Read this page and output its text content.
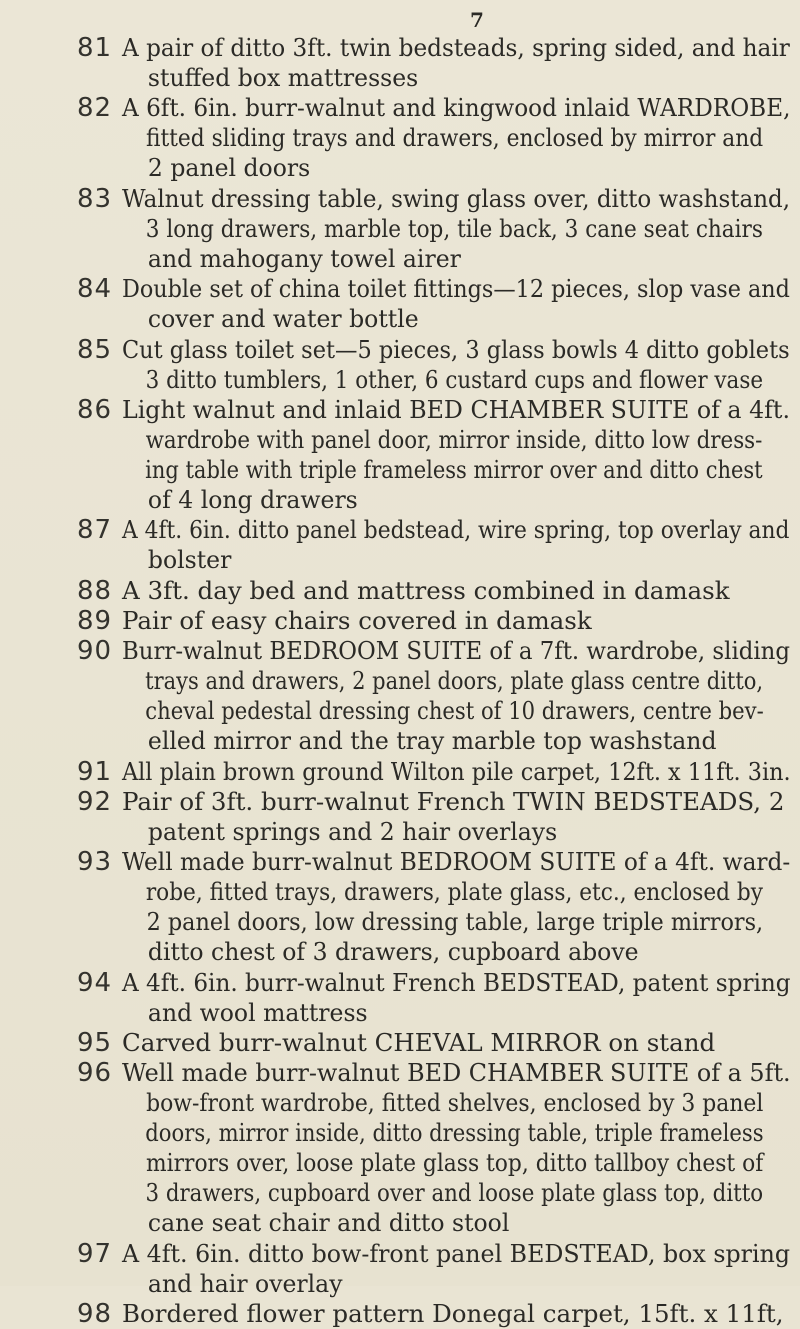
7
81 A pair of ditto 3ft. twin bedsteads, spring sided, and hair
stuffed box mattresses
82 A 6ft. 6in. burr-walnut and kingwood inlaid WARDROBE,
fitted sliding trays and drawers, enclosed by mirror and
2 panel doors
83 Walnut dressing table, swing glass over, ditto washstand,
3 long drawers, marble top, tile back, 3 cane seat chairs
and mahogany towel airer
84 Double set of china toilet fittings—12 pieces, slop vase and
cover and water bottle
85 Cut glass toilet set—5 pieces, 3 glass bowls 4 ditto goblets
3 ditto tumblers, 1 other, 6 custard cups and flower vase
86 Light walnut and inlaid BED CHAMBER SUITE of a 4ft.
wardrobe with panel door, mirror inside, ditto low dress-
ing table with triple frameless mirror over and ditto chest
of 4 long drawers
87 A 4ft. 6in. ditto panel bedstead, wire spring, top overlay and
bolster
88 A 3ft. day bed and mattress combined in damask
89 Pair of easy chairs covered in damask
90 Burr-walnut BEDROOM SUITE of a 7ft. wardrobe, sliding
trays and drawers, 2 panel doors, plate glass centre ditto,
cheval pedestal dressing chest of 10 drawers, centre bev-
elled mirror and the tray marble top washstand
91 All plain brown ground Wilton pile carpet, 12ft. x 11ft. 3in.
92 Pair of 3ft. burr-walnut French TWIN BEDSTEADS, 2
patent springs and 2 hair overlays
93 Well made burr-walnut BEDROOM SUITE of a 4ft. ward-
robe, fitted trays, drawers, plate glass, etc., enclosed by
2 panel doors, low dressing table, large triple mirrors,
ditto chest of 3 drawers, cupboard above
94 A 4ft. 6in. burr-walnut French BEDSTEAD, patent spring
and wool mattress
95 Carved burr-walnut CHEVAL MIRROR on stand
96 Well made burr-walnut BED CHAMBER SUITE of a 5ft.
bow-front wardrobe, fitted shelves, enclosed by 3 panel
doors, mirror inside, ditto dressing table, triple frameless
mirrors over, loose plate glass top, ditto tallboy chest of
3 drawers, cupboard over and loose plate glass top, ditto
cane seat chair and ditto stool
97 A 4ft. 6in. ditto bow-front panel BEDSTEAD, box spring
and hair overlay
98 Bordered flower pattern Donegal carpet, 15ft. x 11ft,
